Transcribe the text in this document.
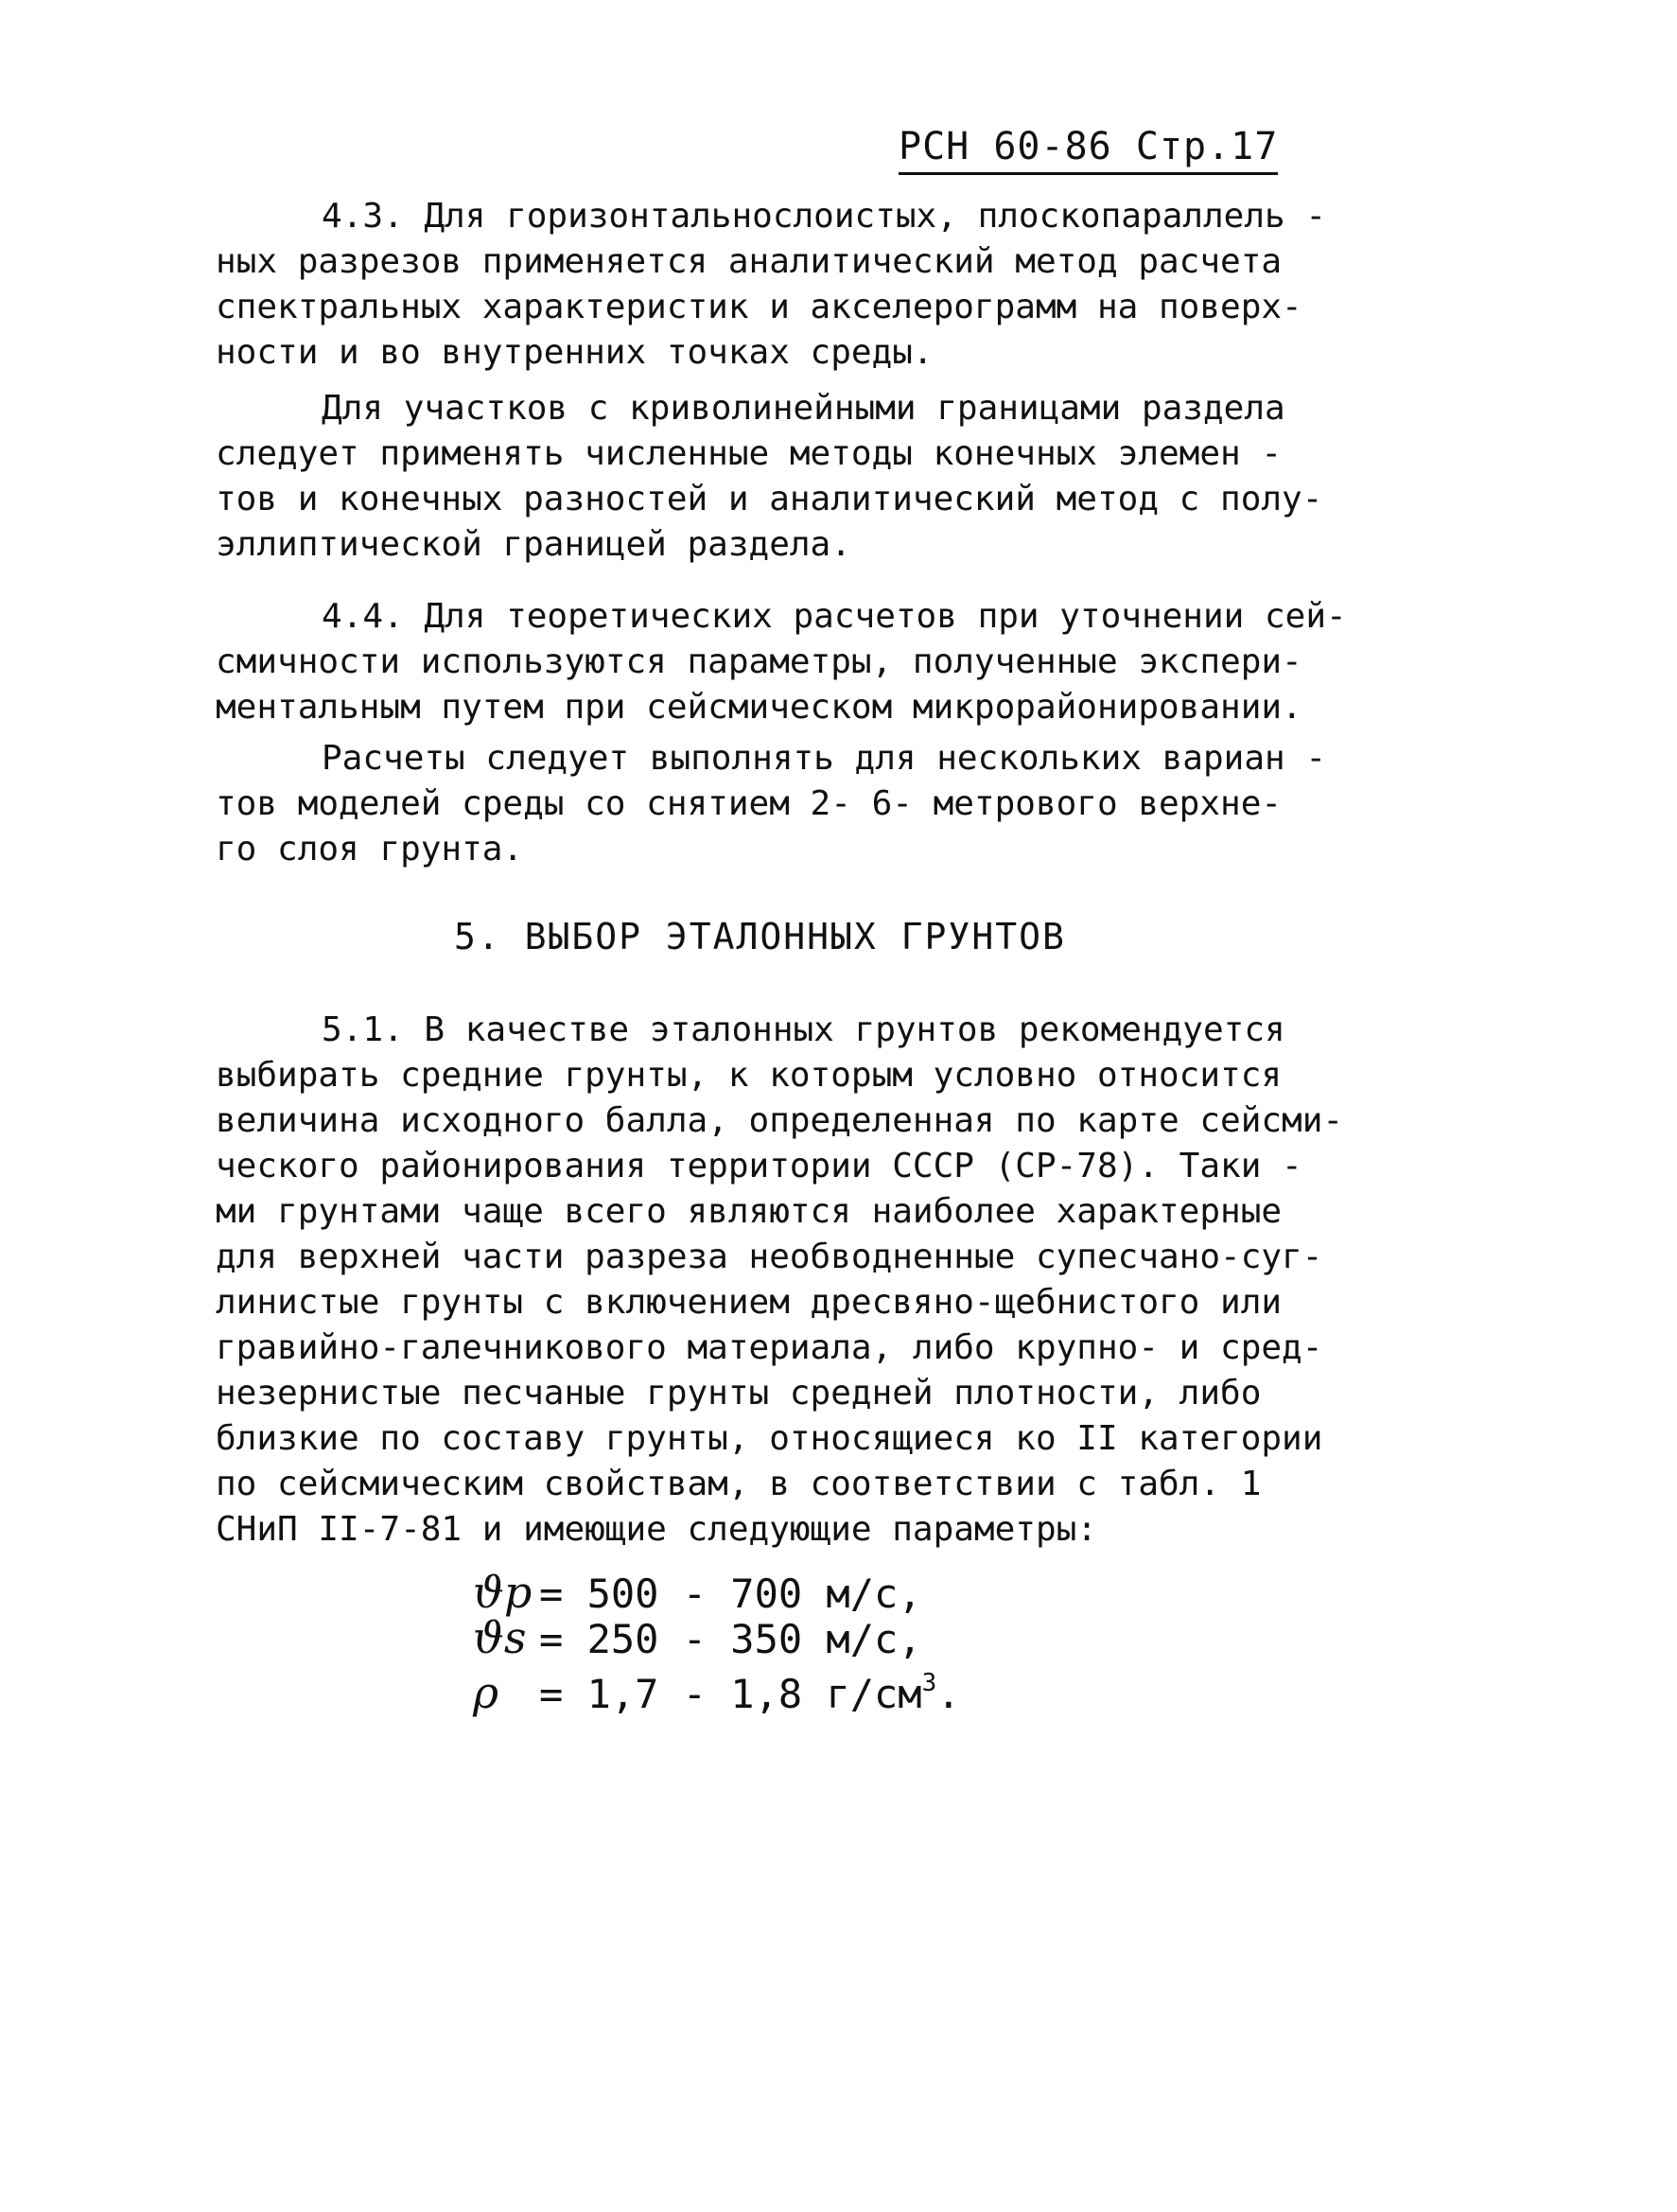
РСН 60-86 Стр.17
4.3. Для горизонтальнослоистых, плоскопараллель -
ных разрезов применяется аналитический метод расчета
спектральных характеристик и акселерограмм на поверх-
ности и во внутренних точках среды.
Для участков с криволинейными границами раздела
следует применять численные методы конечных элемен -
тов и конечных разностей и аналитический метод с полу-
эллиптической границей раздела.
4.4. Для теоретических расчетов при уточнении сей-
смичности используются параметры, полученные экспери-
ментальным путем при сейсмическом микрорайонировании.
Расчеты следует выполнять для нескольких вариан -
тов моделей среды со снятием 2- 6- метрового верхне-
го слоя грунта.
5. ВЫБОР ЭТАЛОННЫХ ГРУНТОВ
5.1. В качестве эталонных грунтов рекомендуется
выбирать средние грунты, к которым условно относится
величина исходного балла, определенная по карте сейсми-
ческого районирования территории СССР (СР-78). Таки -
ми грунтами чаще всего являются наиболее характерные
для верхней части разреза необводненные супесчано-суг-
линистые грунты с включением дресвяно-щебнистого или
гравийно-галечникового материала, либо крупно- и сред-
незернистые песчаные грунты средней плотности, либо
близкие по составу грунты, относящиеся ко II категории
по сейсмическим свойствам, в соответствии с табл. 1
СНиП II-7-81 и имеющие следующие параметры:
ϑp = 500 - 700 м/с,
ϑs = 250 - 350 м/с,
ρ = 1,7 - 1,8 $г/см^3$.
